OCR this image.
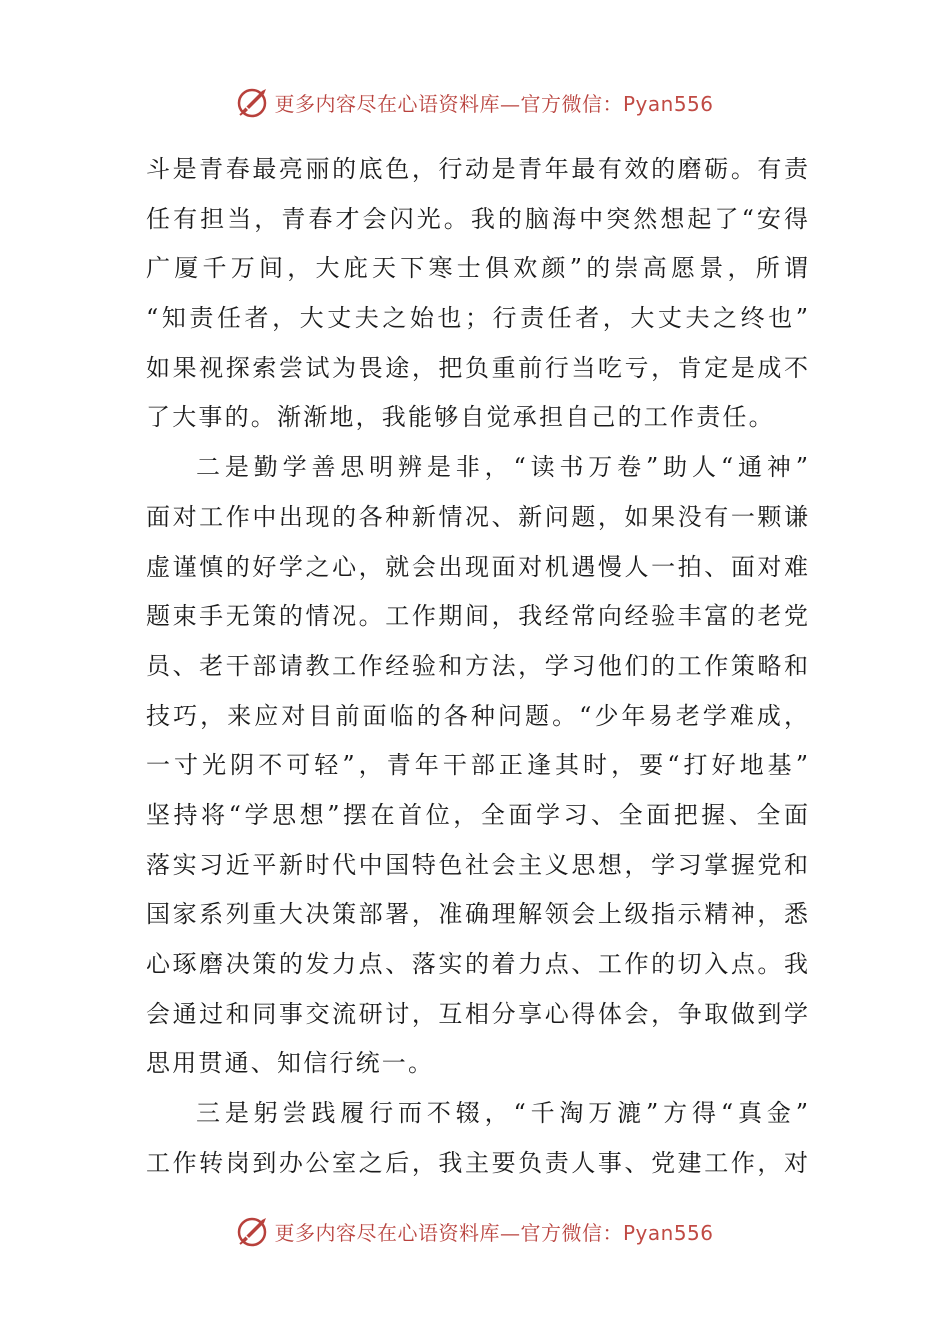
更多内容尽在心语资料库—官方微信：Pyan556
斗是青春最亮丽的底色，行动是青年最有效的磨砺。有责
任有担当，青春才会闪光。我的脑海中突然想起了“安得
广厦千万间，大庇天下寒士俱欢颜”的崇高愿景，所谓
“知责任者，大丈夫之始也；行责任者，大丈夫之终也”
如果视探索尝试为畏途，把负重前行当吃亏，肯定是成不
了大事的。渐渐地，我能够自觉承担自己的工作责任。
二是勤学善思明辨是非，“读书万卷”助人“通神”
面对工作中出现的各种新情况、新问题，如果没有一颗谦
虚谨慎的好学之心，就会出现面对机遇慢人一拍、面对难
题束手无策的情况。工作期间，我经常向经验丰富的老党
员、老干部请教工作经验和方法，学习他们的工作策略和
技巧，来应对目前面临的各种问题。“少年易老学难成，
一寸光阴不可轻”，青年干部正逢其时，要“打好地基”
坚持将“学思想”摆在首位，全面学习、全面把握、全面
落实习近平新时代中国特色社会主义思想，学习掌握党和
国家系列重大决策部署，准确理解领会上级指示精神，悉
心琢磨决策的发力点、落实的着力点、工作的切入点。我
会通过和同事交流研讨，互相分享心得体会，争取做到学
思用贯通、知信行统一。
三是躬尝践履行而不辍，“千淘万漉”方得“真金”
工作转岗到办公室之后，我主要负责人事、党建工作，对
更多内容尽在心语资料库—官方微信：Pyan556
